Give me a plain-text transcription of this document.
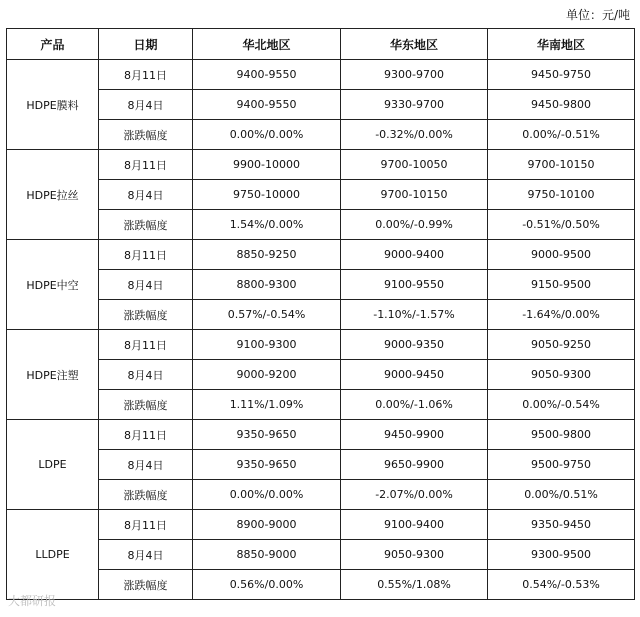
单位：元/吨
产品	日期	华北地区	华东地区	华南地区
HDPE膜料	8月11日	9400-9550	9300-9700	9450-9750
	8月4日	9400-9550	9330-9700	9450-9800
	涨跌幅度	0.00%/0.00%	-0.32%/0.00%	0.00%/-0.51%
HDPE拉丝	8月11日	9900-10000	9700-10050	9700-10150
	8月4日	9750-10000	9700-10150	9750-10100
	涨跌幅度	1.54%/0.00%	0.00%/-0.99%	-0.51%/0.50%
HDPE中空	8月11日	8850-9250	9000-9400	9000-9500
	8月4日	8800-9300	9100-9550	9150-9500
	涨跌幅度	0.57%/-0.54%	-1.10%/-1.57%	-1.64%/0.00%
HDPE注塑	8月11日	9100-9300	9000-9350	9050-9250
	8月4日	9000-9200	9000-9450	9050-9300
	涨跌幅度	1.11%/1.09%	0.00%/-1.06%	0.00%/-0.54%
LDPE	8月11日	9350-9650	9450-9900	9500-9800
	8月4日	9350-9650	9650-9900	9500-9750
	涨跌幅度	0.00%/0.00%	-2.07%/0.00%	0.00%/0.51%
LLDPE	8月11日	8900-9000	9100-9400	9350-9450
	8月4日	8850-9000	9050-9300	9300-9500
	涨跌幅度	0.56%/0.00%	0.55%/1.08%	0.54%/-0.53%
大都研报
